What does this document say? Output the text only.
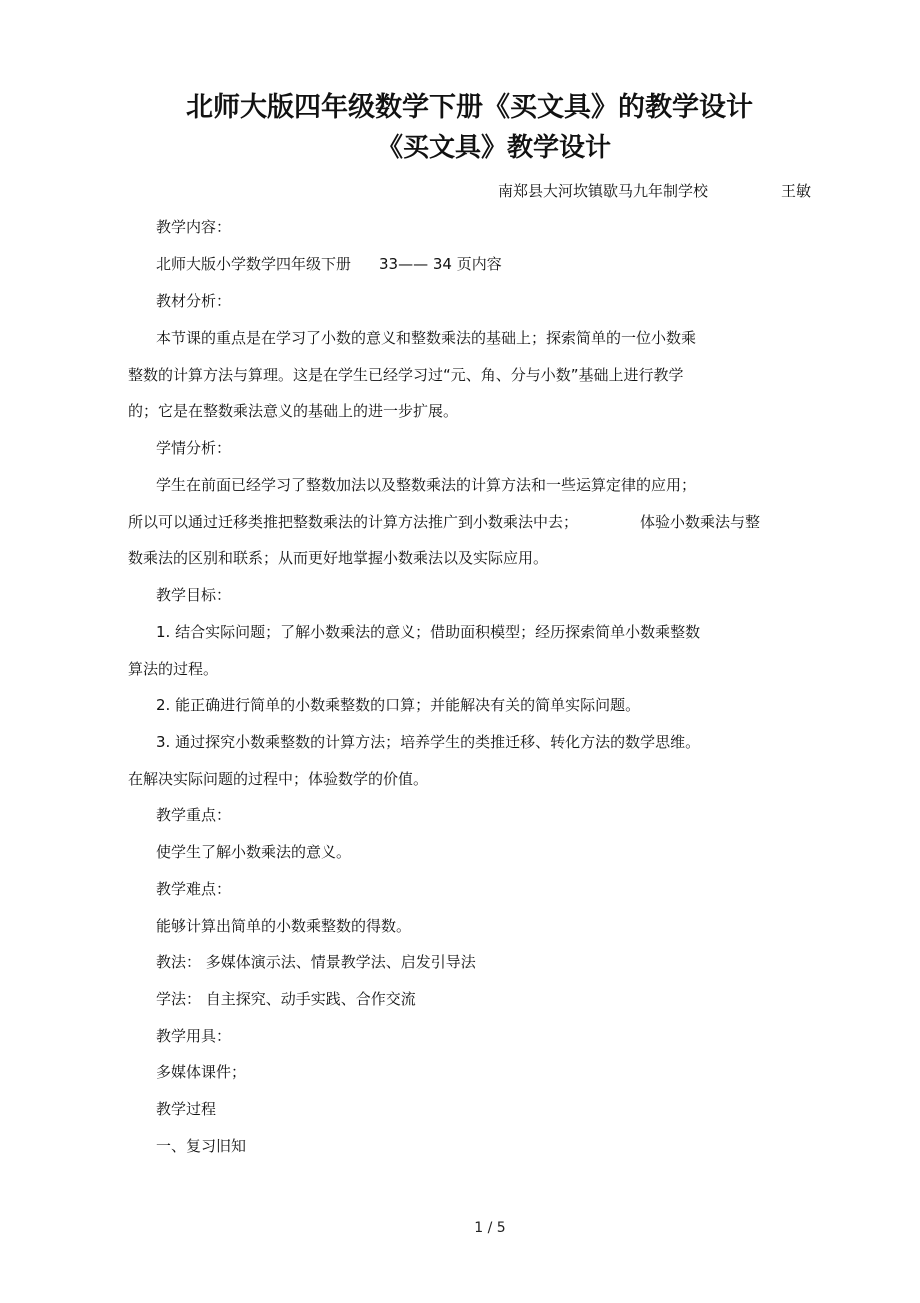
北师大版四年级数学下册《买文具》的教学设计
《买文具》教学设计
南郑县大河坎镇歇马九年制学校	王敏
教学内容：
北师大版小学数学四年级下册 33—— 34 页内容
教材分析：
本节课的重点是在学习了小数的意义和整数乘法的基础上；探索简单的一位小数乘
整数的计算方法与算理。这是在学生已经学习过“元、角、分与小数”基础上进行教学
的；它是在整数乘法意义的基础上的进一步扩展。
学情分析：
学生在前面已经学习了整数加法以及整数乘法的计算方法和一些运算定律的应用；
所以可以通过迁移类推把整数乘法的计算方法推广到小数乘法中去；	体验小数乘法与整
数乘法的区别和联系；从而更好地掌握小数乘法以及实际应用。
教学目标：
1. 结合实际问题；了解小数乘法的意义；借助面积模型；经历探索简单小数乘整数
算法的过程。
2. 能正确进行简单的小数乘整数的口算；并能解决有关的简单实际问题。
3. 通过探究小数乘整数的计算方法；培养学生的类推迁移、转化方法的数学思维。
在解决实际问题的过程中；体验数学的价值。
教学重点：
使学生了解小数乘法的意义。
教学难点：
能够计算出简单的小数乘整数的得数。
教法： 多媒体演示法、情景教学法、启发引导法
学法： 自主探究、动手实践、合作交流
教学用具：
多媒体课件；
教学过程
一、复习旧知
1 / 5
